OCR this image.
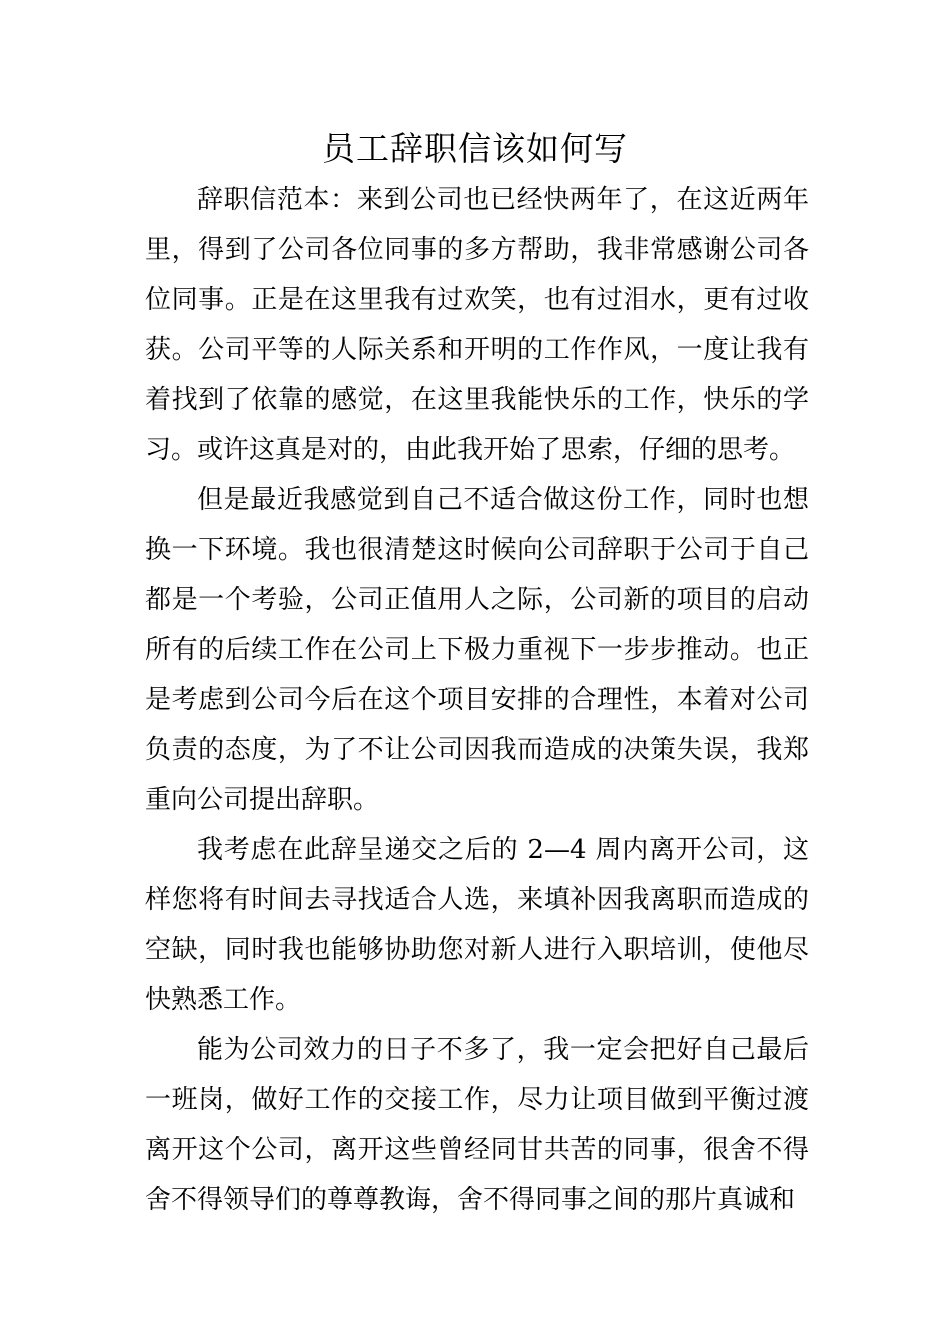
员工辞职信该如何写

辞职信范本：来到公司也已经快两年了，在这近两年里，得到了公司各位同事的多方帮助，我非常感谢公司各位同事。正是在这里我有过欢笑，也有过泪水，更有过收获。公司平等的人际关系和开明的工作作风，一度让我有着找到了依靠的感觉，在这里我能快乐的工作，快乐的学习。或许这真是对的，由此我开始了思索，仔细的思考。

但是最近我感觉到自己不适合做这份工作，同时也想换一下环境。我也很清楚这时候向公司辞职于公司于自己都是一个考验，公司正值用人之际，公司新的项目的启动所有的后续工作在公司上下极力重视下一步步推动。也正是考虑到公司今后在这个项目安排的合理性，本着对公司负责的态度，为了不让公司因我而造成的决策失误，我郑重向公司提出辞职。

我考虑在此辞呈递交之后的 2—4 周内离开公司，这样您将有时间去寻找适合人选，来填补因我离职而造成的空缺，同时我也能够协助您对新人进行入职培训，使他尽快熟悉工作。

能为公司效力的日子不多了，我一定会把好自己最后一班岗，做好工作的交接工作，尽力让项目做到平衡过渡离开这个公司，离开这些曾经同甘共苦的同事，很舍不得舍不得领导们的尊尊教诲，舍不得同事之间的那片真诚和
